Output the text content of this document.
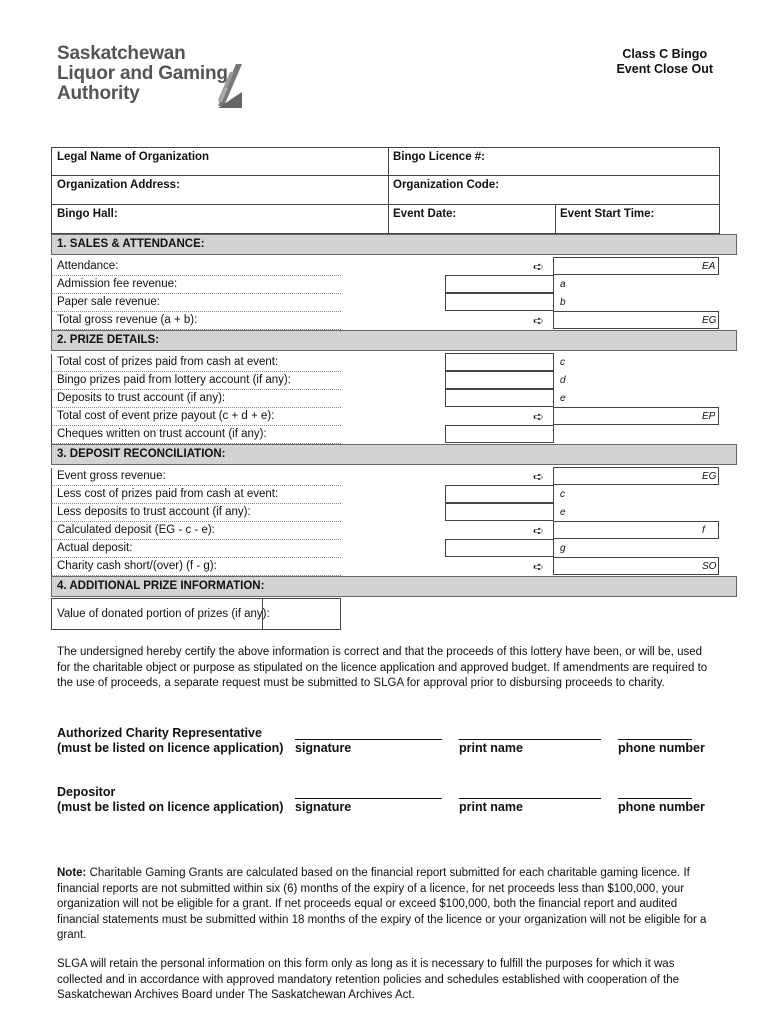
Saskatchewan
Liquor and Gaming
Authority
Class C Bingo
Event Close Out
Legal Name of Organization	Bingo Licence #:
Organization Address:	Organization Code:
Bingo Hall:	Event Date:	Event Start Time:
1. SALES & ATTENDANCE:
Attendance:	➪	EA
Admission fee revenue:	a
Paper sale revenue:	b
Total gross revenue (a + b):	➪	EG
2. PRIZE DETAILS:
Total cost of prizes paid from cash at event:	c
Bingo prizes paid from lottery account (if any):	d
Deposits to trust account (if any):	e
Total cost of event prize payout (c + d + e):	➪	EP
Cheques written on trust account (if any):
3. DEPOSIT RECONCILIATION:
Event gross revenue:	➪	EG
Less cost of prizes paid from cash at event:	c
Less deposits to trust account (if any):	e
Calculated deposit (EG - c - e):	➪	f
Actual deposit:	g
Charity cash short/(over) (f - g):	➪	SO
4. ADDITIONAL PRIZE INFORMATION:
Value of donated portion of prizes (if any):
The undersigned hereby certify the above information is correct and that the proceeds of this lottery have been, or will be, used for the charitable object or purpose as stipulated on the licence application and approved budget. If amendments are required to the use of proceeds, a separate request must be submitted to SLGA for approval prior to disbursing proceeds to charity.
Authorized Charity Representative
(must be listed on licence application) signature	print name	phone number
Depositor
(must be listed on licence application) signature	print name	phone number
Note: Charitable Gaming Grants are calculated based on the financial report submitted for each charitable gaming licence. If financial reports are not submitted within six (6) months of the expiry of a licence, for net proceeds less than $100,000, your organization will not be eligible for a grant. If net proceeds equal or exceed $100,000, both the financial report and audited financial statements must be submitted within 18 months of the expiry of the licence or your organization will not be eligible for a grant.
SLGA will retain the personal information on this form only as long as it is necessary to fulfill the purposes for which it was collected and in accordance with approved mandatory retention policies and schedules established with cooperation of the Saskatchewan Archives Board under The Saskatchewan Archives Act.
